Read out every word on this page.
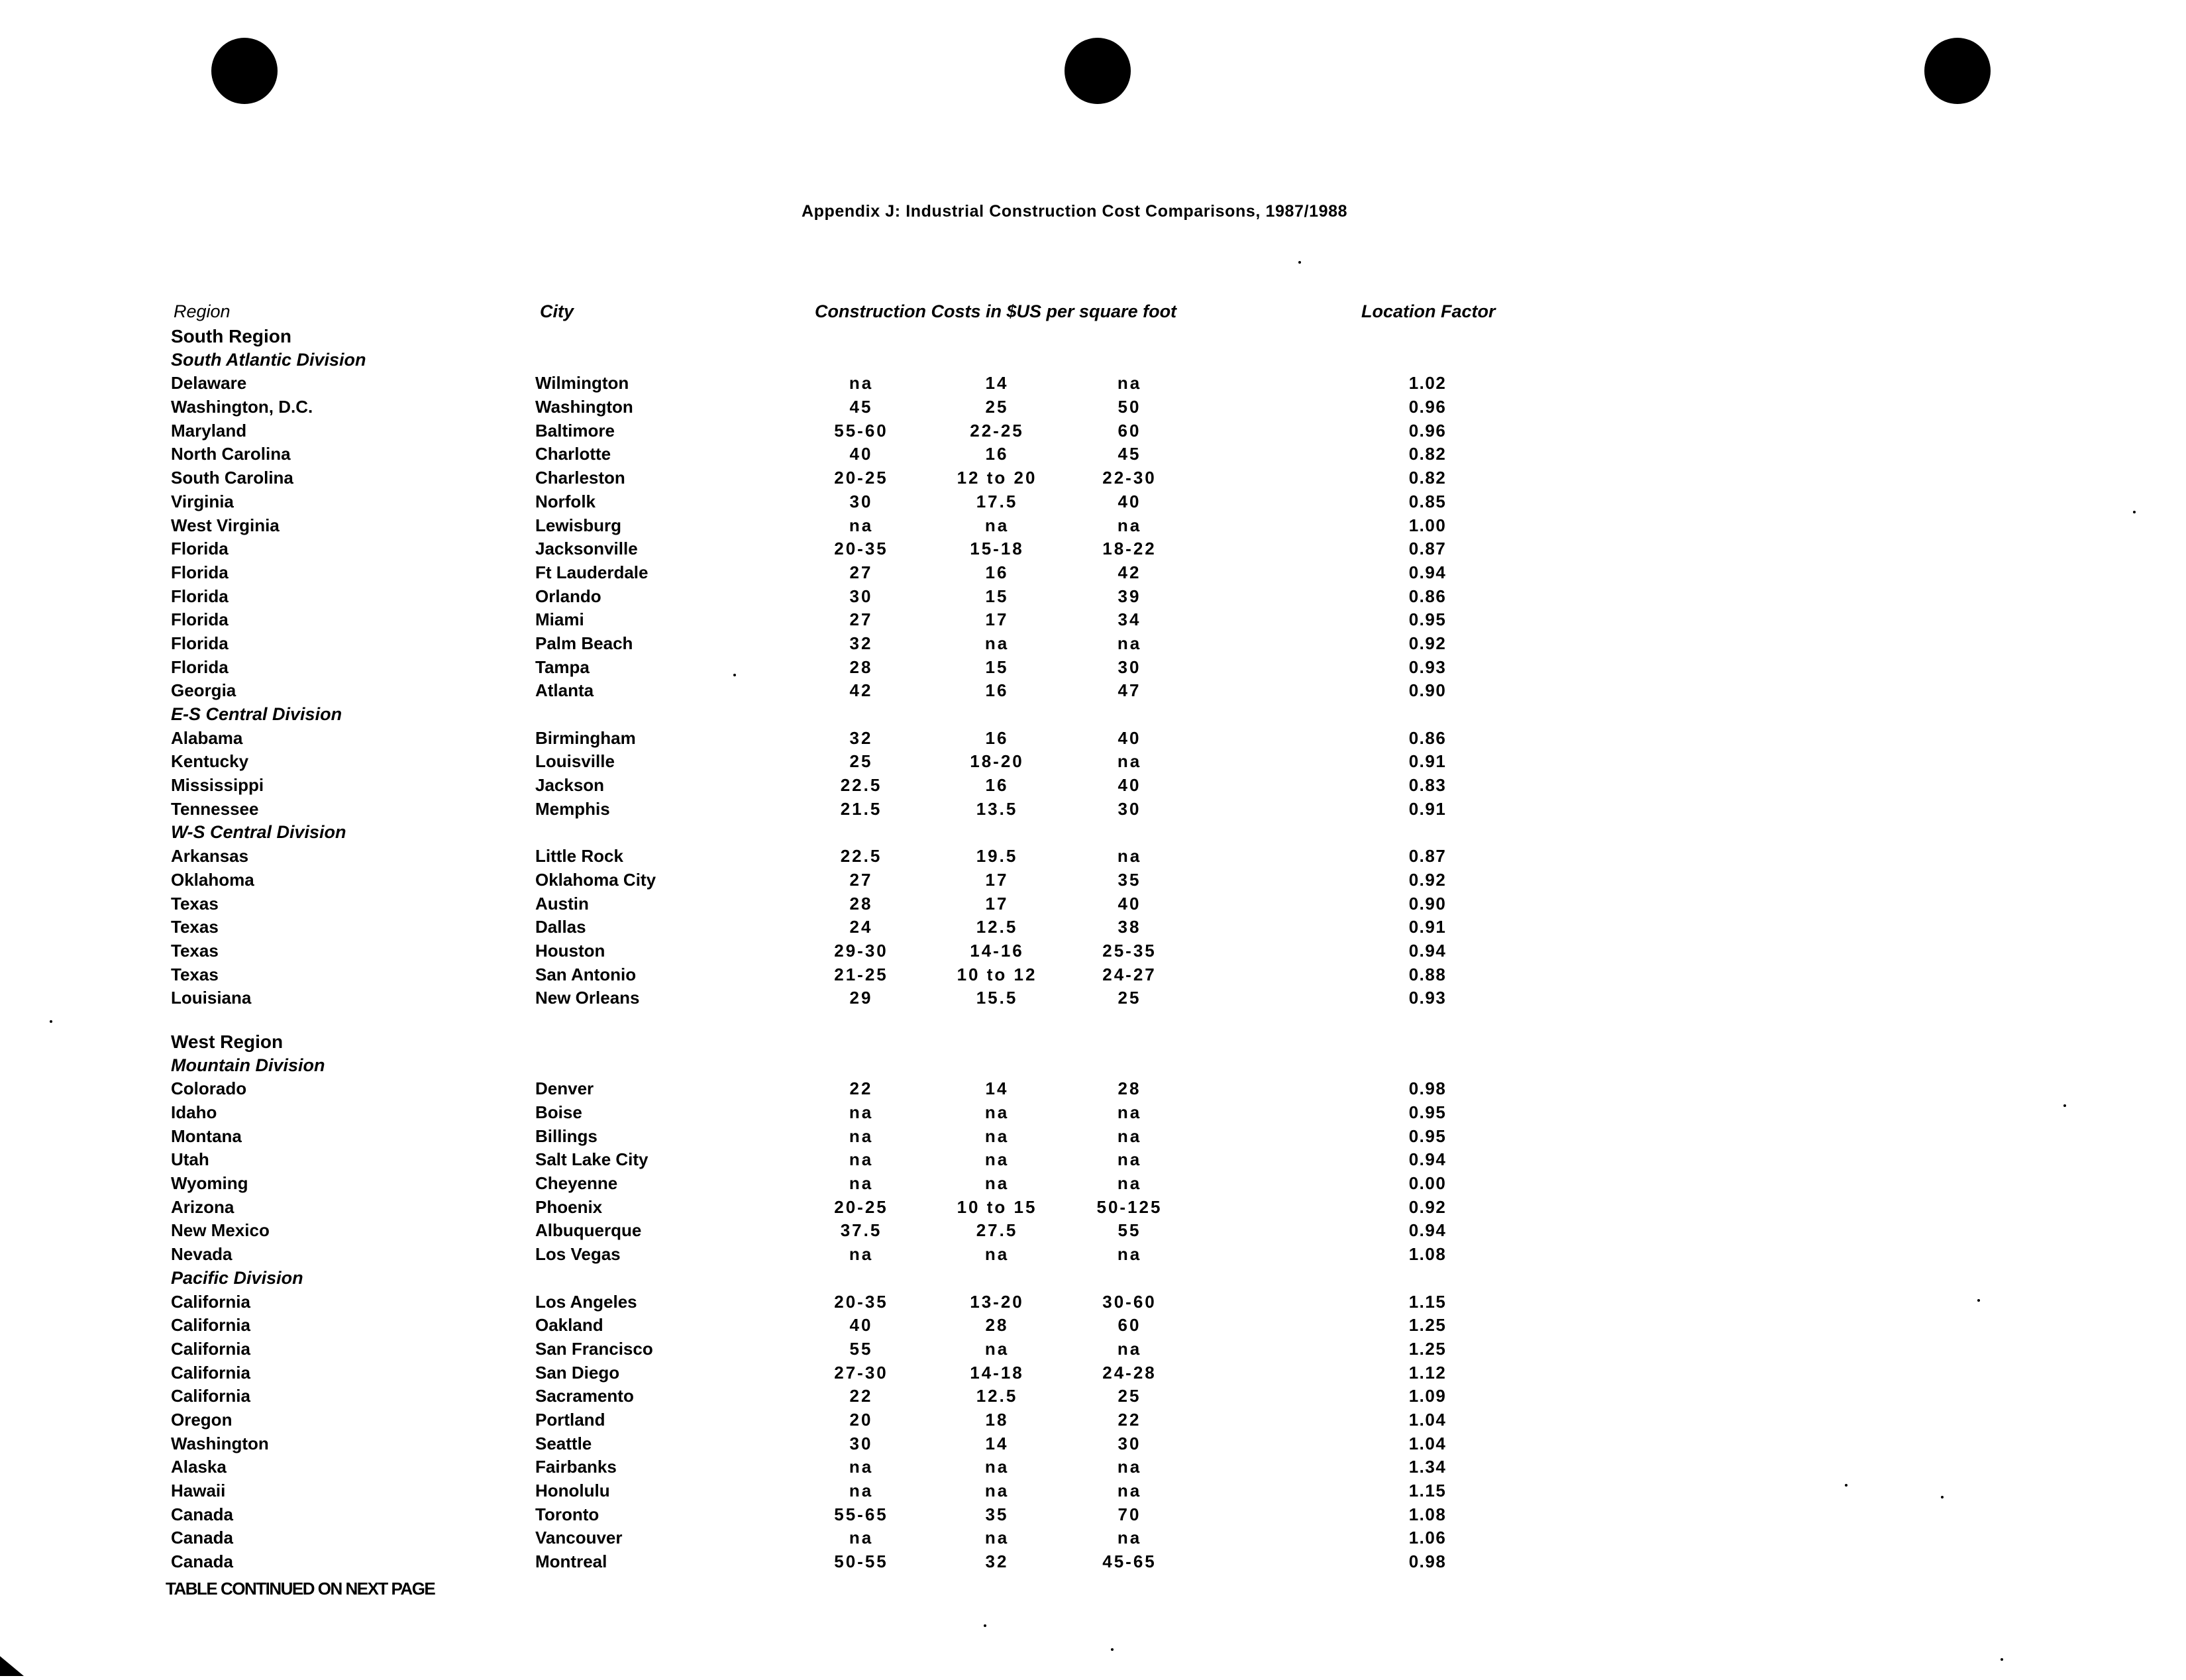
Appendix J: Industrial Construction Cost Comparisons, 1987/1988
Region	City	Construction Costs in $US per square foot	Location Factor
South Region
South Atlantic Division
Delaware	Wilmington	na	14	na	1.02
Washington, D.C.	Washington	45	25	50	0.96
Maryland	Baltimore	55-60	22-25	60	0.96
North Carolina	Charlotte	40	16	45	0.82
South Carolina	Charleston	20-25	12 to 20	22-30	0.82
Virginia	Norfolk	30	17.5	40	0.85
West Virginia	Lewisburg	na	na	na	1.00
Florida	Jacksonville	20-35	15-18	18-22	0.87
Florida	Ft Lauderdale	27	16	42	0.94
Florida	Orlando	30	15	39	0.86
Florida	Miami	27	17	34	0.95
Florida	Palm Beach	32	na	na	0.92
Florida	Tampa	28	15	30	0.93
Georgia	Atlanta	42	16	47	0.90
E-S Central Division
Alabama	Birmingham	32	16	40	0.86
Kentucky	Louisville	25	18-20	na	0.91
Mississippi	Jackson	22.5	16	40	0.83
Tennessee	Memphis	21.5	13.5	30	0.91
W-S Central Division
Arkansas	Little Rock	22.5	19.5	na	0.87
Oklahoma	Oklahoma City	27	17	35	0.92
Texas	Austin	28	17	40	0.90
Texas	Dallas	24	12.5	38	0.91
Texas	Houston	29-30	14-16	25-35	0.94
Texas	San Antonio	21-25	10 to 12	24-27	0.88
Louisiana	New Orleans	29	15.5	25	0.93
West Region
Mountain Division
Colorado	Denver	22	14	28	0.98
Idaho	Boise	na	na	na	0.95
Montana	Billings	na	na	na	0.95
Utah	Salt Lake City	na	na	na	0.94
Wyoming	Cheyenne	na	na	na	0.00
Arizona	Phoenix	20-25	10 to 15	50-125	0.92
New Mexico	Albuquerque	37.5	27.5	55	0.94
Nevada	Los Vegas	na	na	na	1.08
Pacific Division
California	Los Angeles	20-35	13-20	30-60	1.15
California	Oakland	40	28	60	1.25
California	San Francisco	55	na	na	1.25
California	San Diego	27-30	14-18	24-28	1.12
California	Sacramento	22	12.5	25	1.09
Oregon	Portland	20	18	22	1.04
Washington	Seattle	30	14	30	1.04
Alaska	Fairbanks	na	na	na	1.34
Hawaii	Honolulu	na	na	na	1.15
Canada	Toronto	55-65	35	70	1.08
Canada	Vancouver	na	na	na	1.06
Canada	Montreal	50-55	32	45-65	0.98
TABLE CONTINUED ON NEXT PAGE
